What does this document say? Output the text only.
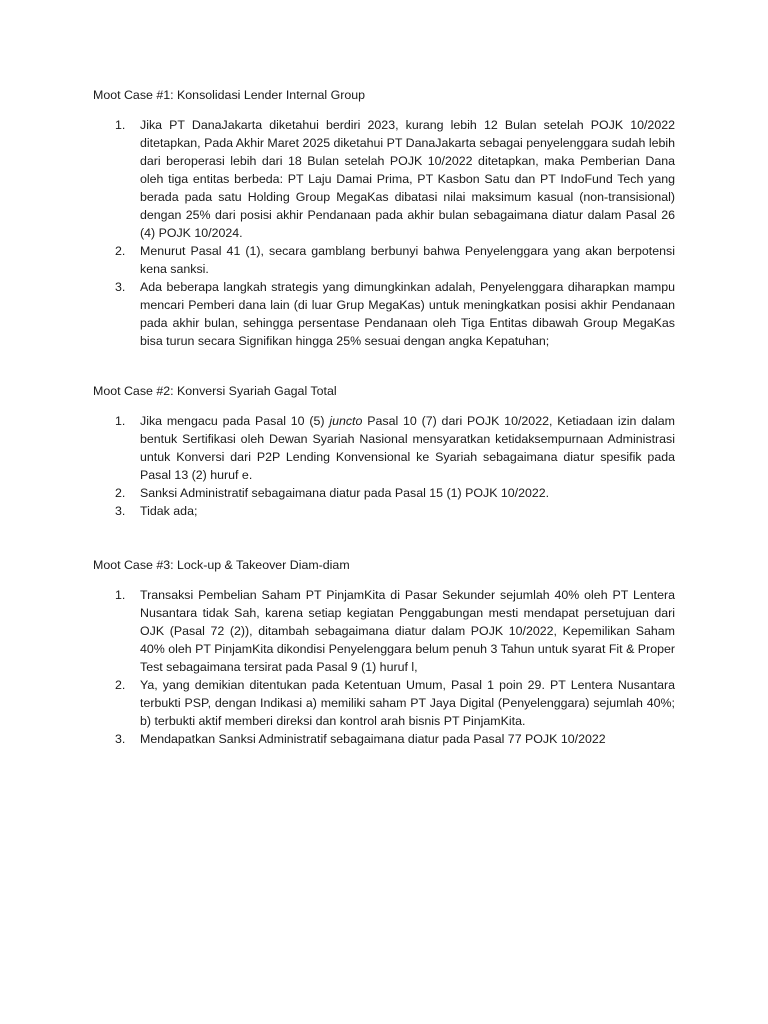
Moot Case #1: Konsolidasi Lender Internal Group
1. Jika PT DanaJakarta diketahui berdiri 2023, kurang lebih 12 Bulan setelah POJK 10/2022 ditetapkan, Pada Akhir Maret 2025 diketahui PT DanaJakarta sebagai penyelenggara sudah lebih dari beroperasi lebih dari 18 Bulan setelah POJK 10/2022 ditetapkan, maka Pemberian Dana oleh tiga entitas berbeda: PT Laju Damai Prima, PT Kasbon Satu dan PT IndoFund Tech yang berada pada satu Holding Group MegaKas dibatasi nilai maksimum kasual (non-transisional) dengan 25% dari posisi akhir Pendanaan pada akhir bulan sebagaimana diatur dalam Pasal 26 (4) POJK 10/2024.
2. Menurut Pasal 41 (1), secara gamblang berbunyi bahwa Penyelenggara yang akan berpotensi kena sanksi.
3. Ada beberapa langkah strategis yang dimungkinkan adalah, Penyelenggara diharapkan mampu mencari Pemberi dana lain (di luar Grup MegaKas) untuk meningkatkan posisi akhir Pendanaan pada akhir bulan, sehingga persentase Pendanaan oleh Tiga Entitas dibawah Group MegaKas bisa turun secara Signifikan hingga 25% sesuai dengan angka Kepatuhan;
Moot Case #2: Konversi Syariah Gagal Total
1. Jika mengacu pada Pasal 10 (5) juncto Pasal 10 (7) dari POJK 10/2022, Ketiadaan izin dalam bentuk Sertifikasi oleh Dewan Syariah Nasional mensyaratkan ketidaksempurnaan Administrasi untuk Konversi dari P2P Lending Konvensional ke Syariah sebagaimana diatur spesifik pada Pasal 13 (2) huruf e.
2. Sanksi Administratif sebagaimana diatur pada Pasal 15 (1) POJK 10/2022.
3. Tidak ada;
Moot Case #3: Lock-up & Takeover Diam-diam
1. Transaksi Pembelian Saham PT PinjamKita di Pasar Sekunder sejumlah 40% oleh PT Lentera Nusantara tidak Sah, karena setiap kegiatan Penggabungan mesti mendapat persetujuan dari OJK (Pasal 72 (2)), ditambah sebagaimana diatur dalam POJK 10/2022, Kepemilikan Saham 40% oleh PT PinjamKita dikondisi Penyelenggara belum penuh 3 Tahun untuk syarat Fit & Proper Test sebagaimana tersirat pada Pasal 9 (1) huruf l,
2. Ya, yang demikian ditentukan pada Ketentuan Umum, Pasal 1 poin 29. PT Lentera Nusantara terbukti PSP, dengan Indikasi a) memiliki saham PT Jaya Digital (Penyelenggara) sejumlah 40%; b) terbukti aktif memberi direksi dan kontrol arah bisnis PT PinjamKita.
3. Mendapatkan Sanksi Administratif sebagaimana diatur pada Pasal 77 POJK 10/2022
